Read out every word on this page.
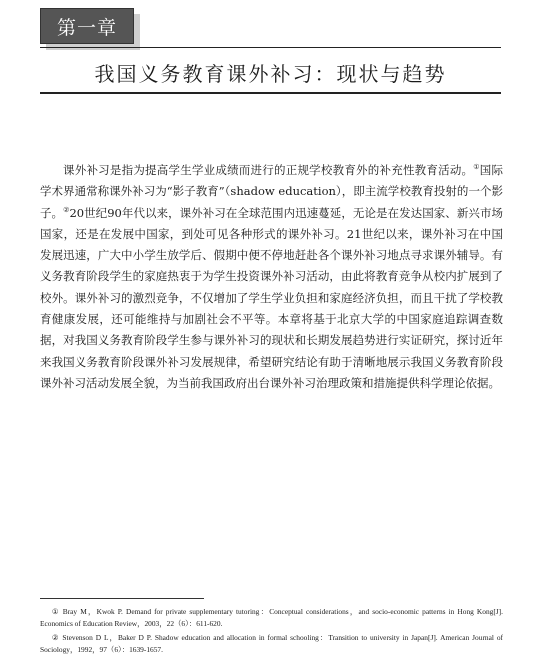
第一章
我国义务教育课外补习：现状与趋势

课外补习是指为提高学生学业成绩而进行的正规学校教育外的补充性教育活动。①国际学术界通常称课外补习为“影子教育”（shadow education），即主流学校教育投射的一个影子。②20世纪90年代以来，课外补习在全球范围内迅速蔓延，无论是在发达国家、新兴市场国家，还是在发展中国家，到处可见各种形式的课外补习。21世纪以来，课外补习在中国发展迅速，广大中小学生放学后、假期中便不停地赶赴各个课外补习地点寻求课外辅导。有义务教育阶段学生的家庭热衷于为学生投资课外补习活动，由此将教育竞争从校内扩展到了校外。课外补习的激烈竞争，不仅增加了学生学业负担和家庭经济负担，而且干扰了学校教育健康发展，还可能维持与加剧社会不平等。本章将基于北京大学的中国家庭追踪调查数据，对我国义务教育阶段学生参与课外补习的现状和长期发展趋势进行实证研究，探讨近年来我国义务教育阶段课外补习发展规律，希望研究结论有助于清晰地展示我国义务教育阶段课外补习活动发展全貌，为当前我国政府出台课外补习治理政策和措施提供科学理论依据。

① Bray M，Kwok P. Demand for private supplementary tutoring：Conceptual considerations，and socio-economic patterns in Hong Kong[J]. Economics of Education Review，2003，22（6）：611-620.

② Stevenson D L，Baker D P. Shadow education and allocation in formal schooling：Transition to university in Japan[J]. American Journal of Sociology，1992，97（6）：1639-1657.
